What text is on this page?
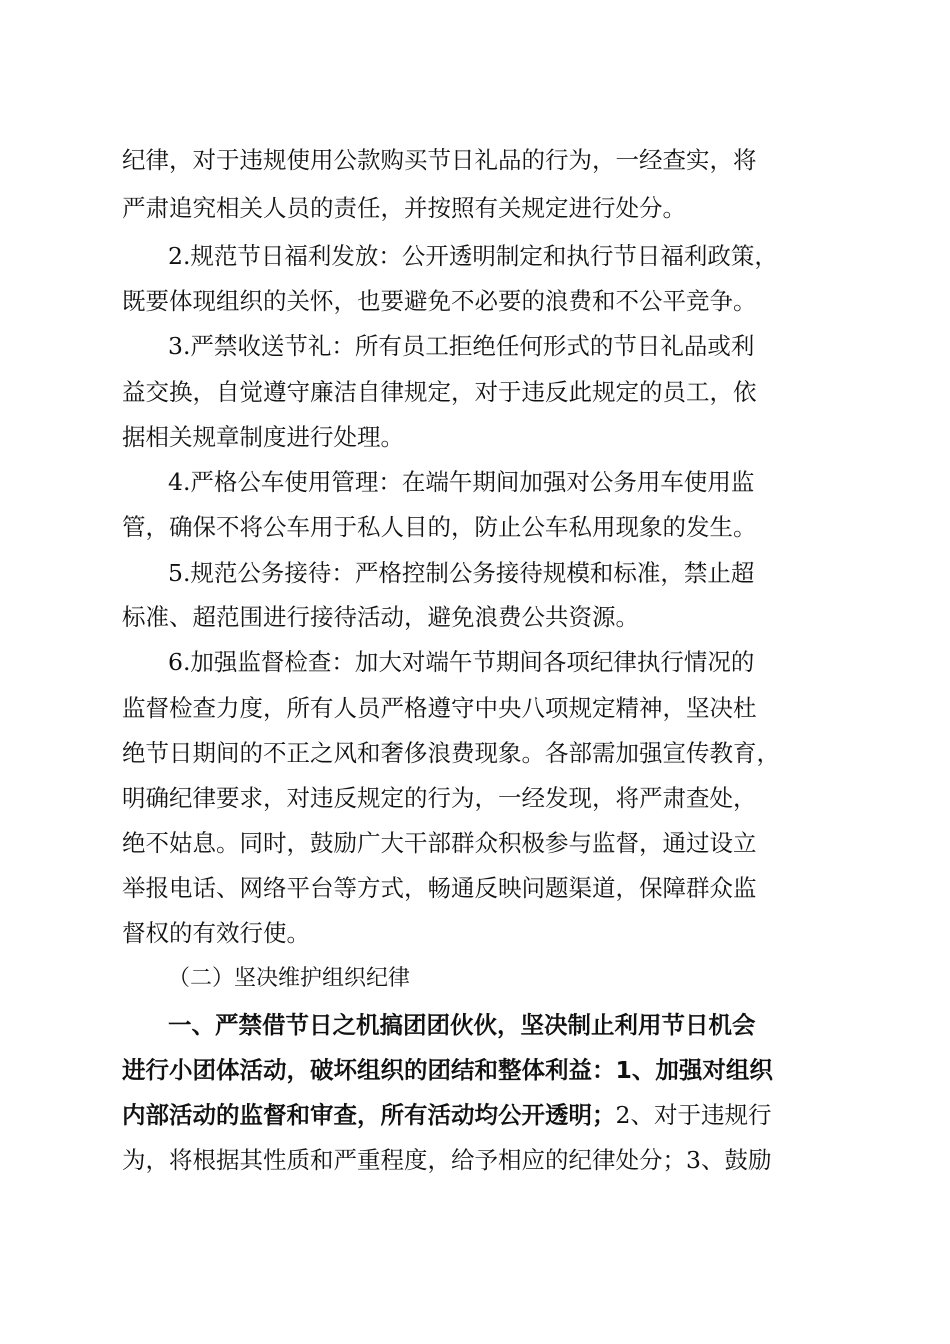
纪律，对于违规使用公款购买节日礼品的行为，一经查实，将
严肃追究相关人员的责任，并按照有关规定进行处分。
2.规范节日福利发放：公开透明制定和执行节日福利政策，
既要体现组织的关怀，也要避免不必要的浪费和不公平竞争。
3.严禁收送节礼：所有员工拒绝任何形式的节日礼品或利
益交换，自觉遵守廉洁自律规定，对于违反此规定的员工，依
据相关规章制度进行处理。
4.严格公车使用管理：在端午期间加强对公务用车使用监
管，确保不将公车用于私人目的，防止公车私用现象的发生。
5.规范公务接待：严格控制公务接待规模和标准，禁止超
标准、超范围进行接待活动，避免浪费公共资源。
6.加强监督检查：加大对端午节期间各项纪律执行情况的
监督检查力度，所有人员严格遵守中央八项规定精神，坚决杜
绝节日期间的不正之风和奢侈浪费现象。各部需加强宣传教育，
明确纪律要求，对违反规定的行为，一经发现，将严肃查处，
绝不姑息。同时，鼓励广大干部群众积极参与监督，通过设立
举报电话、网络平台等方式，畅通反映问题渠道，保障群众监
督权的有效行使。
（二）坚决维护组织纪律
一、严禁借节日之机搞团团伙伙，坚决制止利用节日机会
进行小团体活动，破坏组织的团结和整体利益：1、加强对组织
内部活动的监督和审查，所有活动均公开透明；2、对于违规行
为，将根据其性质和严重程度，给予相应的纪律处分；3、鼓励
